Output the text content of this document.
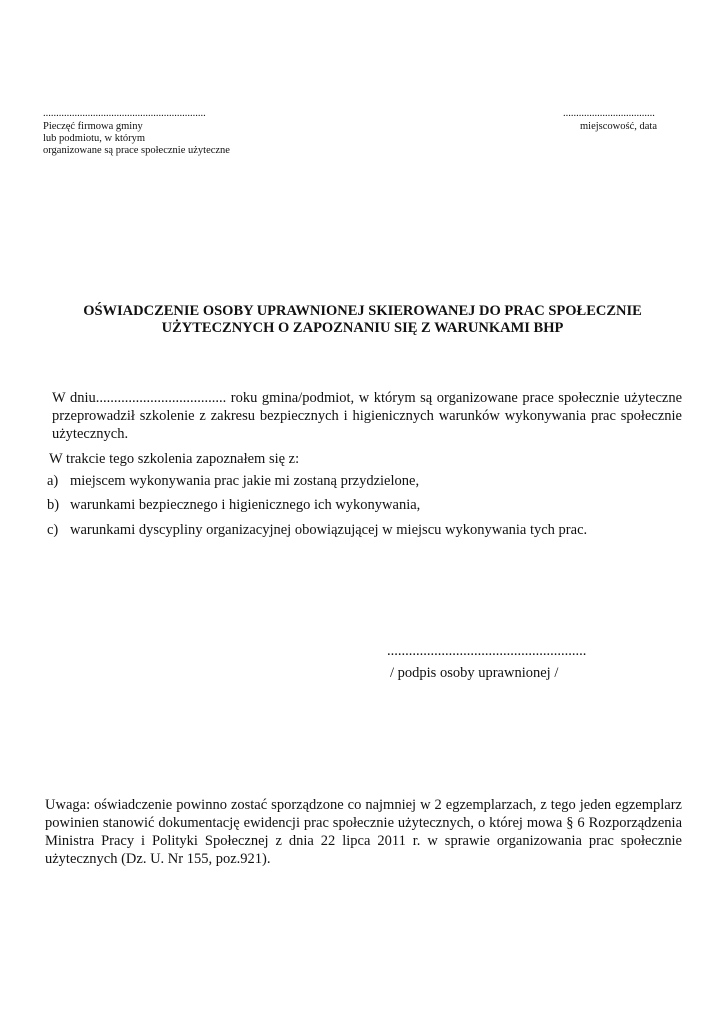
..............................................................
Pieczęć firmowa gminy
lub podmiotu, w którym
organizowane są prace społecznie użyteczne
...................................
miejscowość, data
OŚWIADCZENIE OSOBY UPRAWNIONEJ SKIEROWANEJ DO PRAC SPOŁECZNIE
UŻYTECZNYCH O ZAPOZNANIU SIĘ Z WARUNKAMI BHP
W dniu.................................... roku gmina/podmiot, w którym są organizowane prace społecznie użyteczne przeprowadził szkolenie z zakresu bezpiecznych i higienicznych warunków wykonywania prac społecznie użytecznych.
W trakcie tego szkolenia zapoznałem się z:
a) miejscem wykonywania prac jakie mi zostaną przydzielone,
b) warunkami bezpiecznego i higienicznego ich wykonywania,
c) warunkami dyscypliny organizacyjnej obowiązującej w miejscu wykonywania tych prac.
.......................................................
/ podpis osoby uprawnionej /
Uwaga: oświadczenie powinno zostać sporządzone co najmniej w 2 egzemplarzach, z tego jeden egzemplarz powinien stanowić dokumentację ewidencji prac społecznie użytecznych, o której mowa § 6 Rozporządzenia Ministra Pracy i Polityki Społecznej z dnia 22 lipca 2011 r. w sprawie organizowania prac społecznie użytecznych (Dz. U. Nr 155, poz.921).
